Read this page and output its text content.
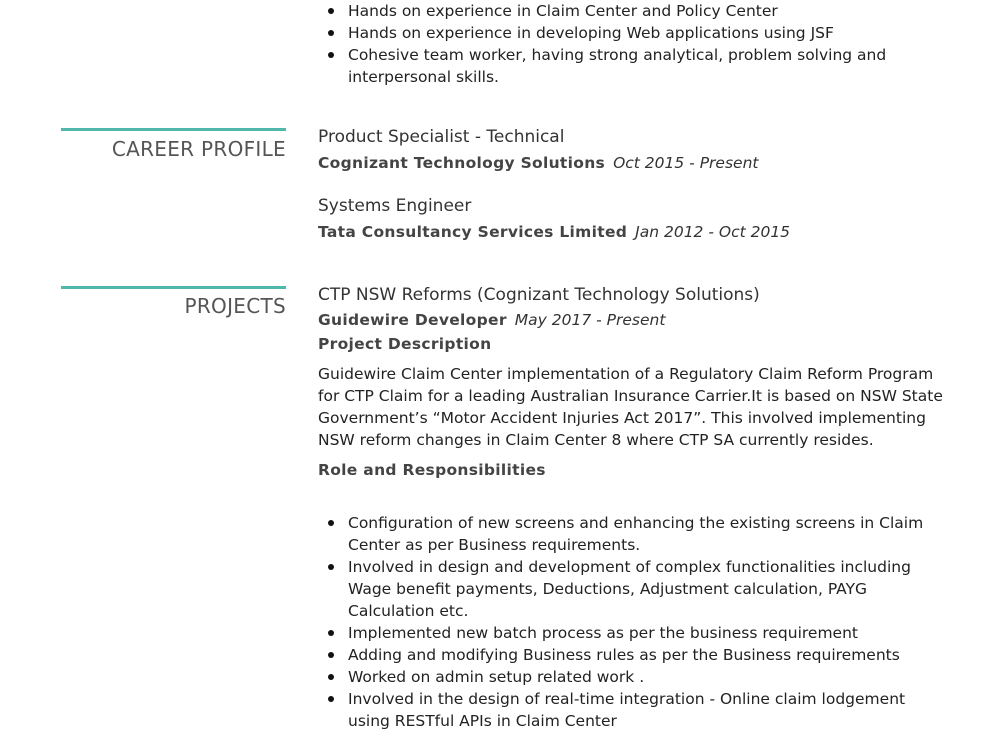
Hands on experience in Claim Center and Policy Center
Hands on experience in developing Web applications using JSF
Cohesive team worker, having strong analytical, problem solving and interpersonal skills.
CAREER PROFILE Product Specialist - Technical
Cognizant Technology Solutions Oct 2015 - Present
Systems Engineer
Tata Consultancy Services Limited Jan 2012 - Oct 2015
PROJECTS CTP NSW Reforms (Cognizant Technology Solutions)
Guidewire Developer May 2017 - Present
Project Description
Guidewire Claim Center implementation of a Regulatory Claim Reform Program for CTP Claim for a leading Australian Insurance Carrier.It is based on NSW State Government’s “Motor Accident Injuries Act 2017”. This involved implementing NSW reform changes in Claim Center 8 where CTP SA currently resides.
Role and Responsibilities
Configuration of new screens and enhancing the existing screens in Claim Center as per Business requirements.
Involved in design and development of complex functionalities including Wage benefit payments, Deductions, Adjustment calculation, PAYG Calculation etc.
Implemented new batch process as per the business requirement
Adding and modifying Business rules as per the Business requirements
Worked on admin setup related work .
Involved in the design of real-time integration - Online claim lodgement using RESTful APIs in Claim Center
